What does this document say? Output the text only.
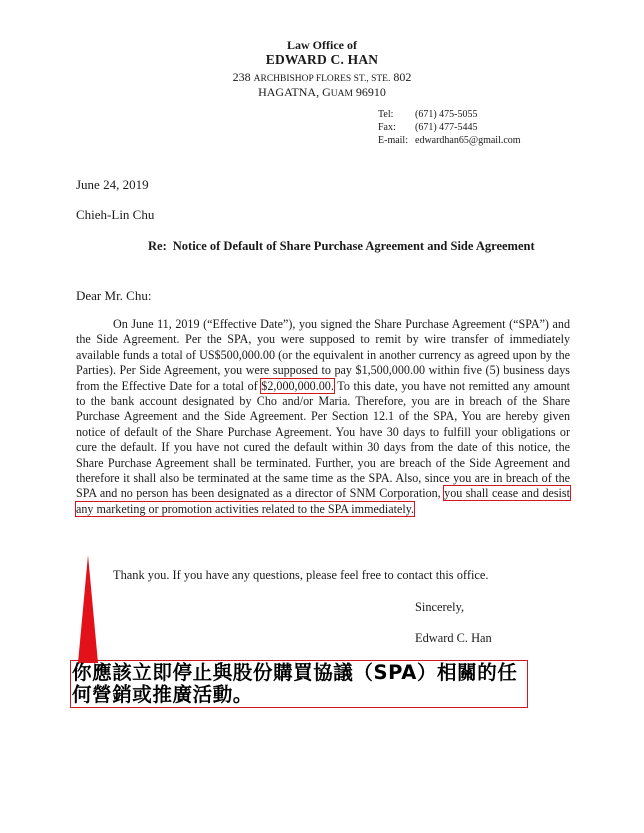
Law Office of
EDWARD C. HAN
238 ARCHBISHOP FLORES ST., STE. 802
HAGATNA, GUAM 96910
Tel:	(671) 475-5055
Fax:	(671) 477-5445
E-mail: edwardhan65@gmail.com
June 24, 2019
Chieh-Lin Chu
Re: Notice of Default of Share Purchase Agreement and Side Agreement
Dear Mr. Chu:
On June 11, 2019 (“Effective Date”), you signed the Share Purchase Agreement (“SPA”) and the Side Agreement. Per the SPA, you were supposed to remit by wire transfer of immediately available funds a total of US$500,000.00 (or the equivalent in another currency as agreed upon by the Parties). Per Side Agreement, you were supposed to pay $1,500,000.00 within five (5) business days from the Effective Date for a total of $2,000,000.00. To this date, you have not remitted any amount to the bank account designated by Cho and/or Maria. Therefore, you are in breach of the Share Purchase Agreement and the Side Agreement. Per Section 12.1 of the SPA, You are hereby given notice of default of the Share Purchase Agreement. You have 30 days to fulfill your obligations or cure the default. If you have not cured the default within 30 days from the date of this notice, the Share Purchase Agreement shall be terminated. Further, you are breach of the Side Agreement and therefore it shall also be terminated at the same time as the SPA. Also, since you are in breach of the SPA and no person has been designated as a director of SNM Corporation, you shall cease and desist any marketing or promotion activities related to the SPA immediately.
Thank you. If you have any questions, please feel free to contact this office.
Sincerely,
Edward C. Han
你應該立即停止與股份購買協議（SPA）相關的任何營銷或推廣活動。
